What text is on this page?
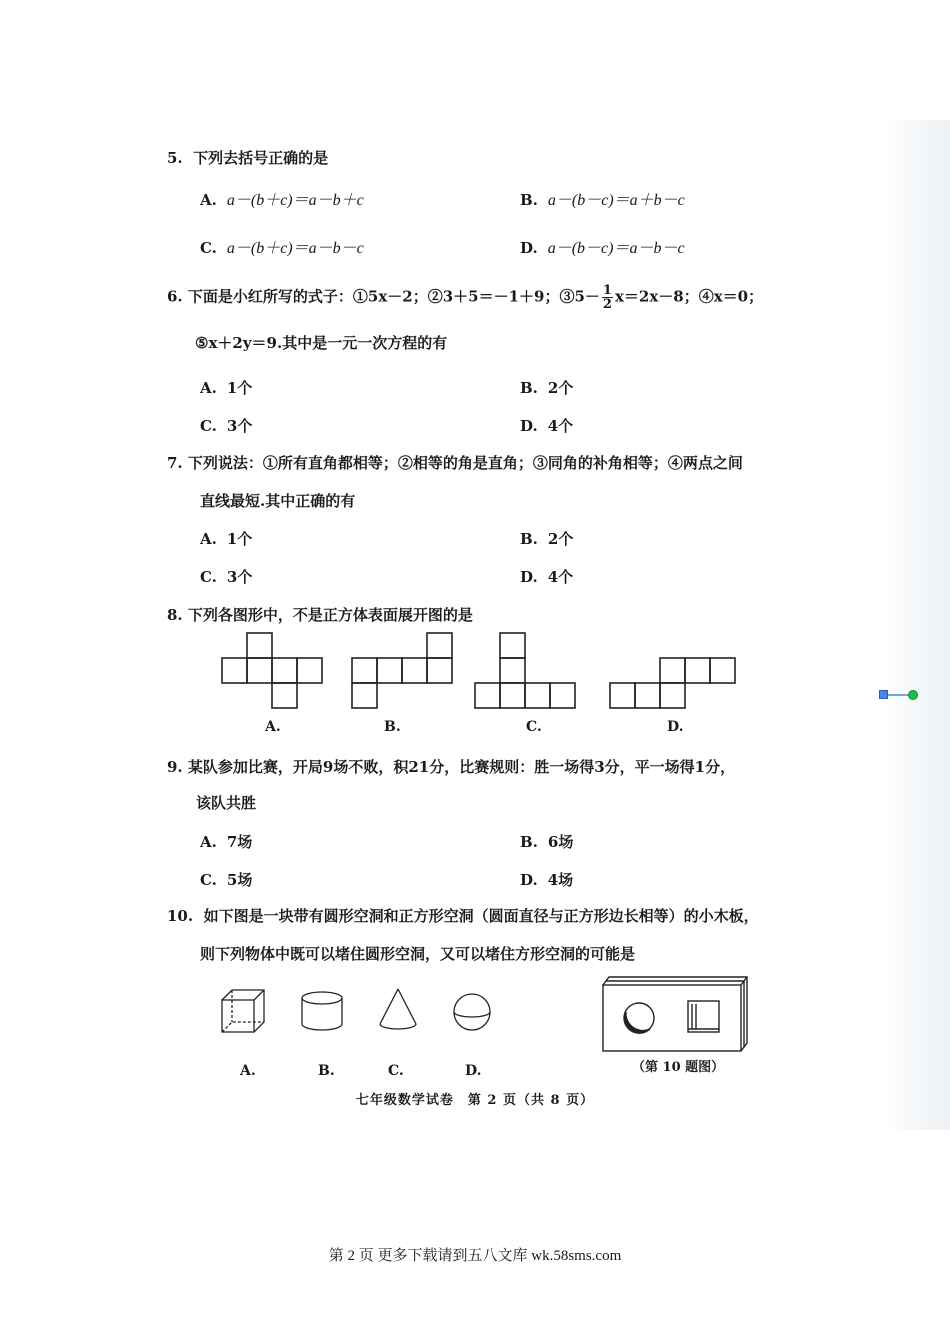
5. 下列去括号正确的是
A. a－(b＋c)＝a－b＋c	B. a－(b－c)＝a＋b－c
C. a－(b＋c)＝a－b－c	D. a－(b－c)＝a－b－c
6. 下面是小红所写的式子：①5x－2；②3＋5＝－1＋9；③5－ $\frac{1}{2} x=2x-8$；④x＝0；
⑤x＋2y＝9.其中是一元一次方程的有
A. 1个	B. 2个
C. 3个	D. 4个
7. 下列说法：①所有直角都相等；②相等的角是直角；③同角的补角相等；④两点之间
直线最短.其中正确的有
A. 1个	B. 2个
C. 3个	D. 4个
8. 下列各图形中，不是正方体表面展开图的是
A.	B.	C.	D.
A.	B.	C.	D.	（第 10 题图）
9. 某队参加比赛，开局9场不败，积21分，比赛规则：胜一场得3分，平一场得1分，
该队共胜
A. 7场	B. 6场
C. 5场	D. 4场
10. 如下图是一块带有圆形空洞和正方形空洞（圆面直径与正方形边长相等）的小木板，
则下列物体中既可以堵住圆形空洞，又可以堵住方形空洞的可能是
七年级数学试卷　第 2 页（共 8 页）
第 2 页 更多下载请到五八文库 wk.58sms.com
